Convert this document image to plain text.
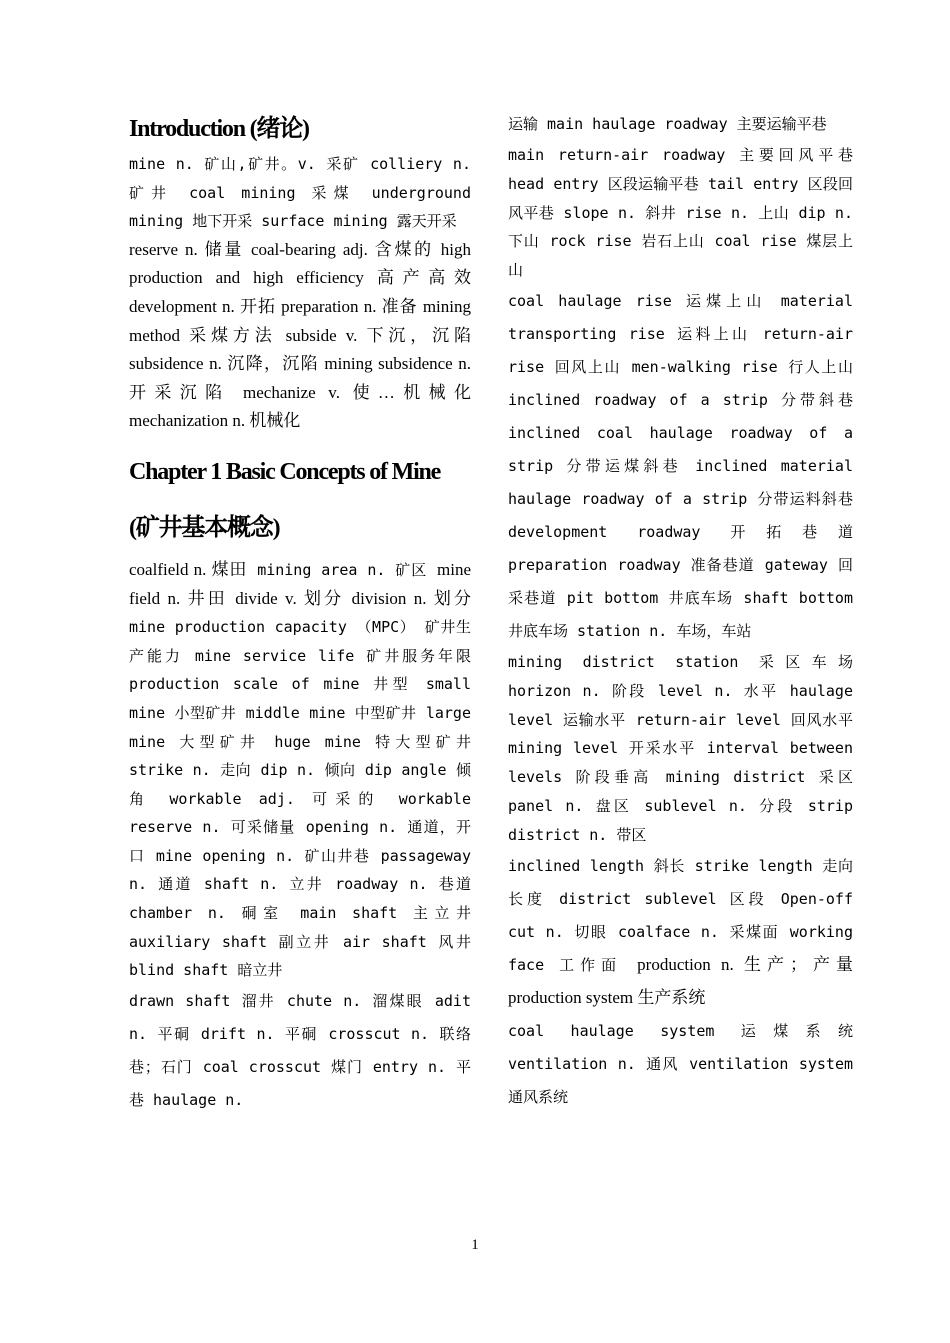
Introduction (绪论)

mine n. 矿山,矿井。v. 采矿 colliery n. 矿井 coal mining 采煤 underground mining 地下开采 surface mining 露天开采

reserve n. 储量 coal-bearing adj. 含煤的 high production and high efficiency 高产高效 development n. 开拓 preparation n. 准备 mining method 采煤方法 subside v. 下沉，沉陷 subsidence n. 沉降，沉陷 mining subsidence n. 开采沉陷 mechanize v. 使…机械化 mechanization n. 机械化

Chapter 1 Basic Concepts of Mine
(矿井基本概念)

coalfield n. 煤田 mining area n. 矿区 mine field n. 井田 divide v. 划分 division n. 划分 mine production capacity （MPC） 矿井生产能力 mine service life 矿井服务年限 production scale of mine 井型 small mine 小型矿井 middle mine 中型矿井 large mine 大型矿井 huge mine 特大型矿井 strike n. 走向 dip n. 倾向 dip angle 倾角 workable adj. 可采的 workable reserve n. 可采储量 opening n. 通道，开口 mine opening n. 矿山井巷 passageway n. 通道 shaft n. 立井 roadway n. 巷道 chamber n. 硐室 main shaft 主立井 auxiliary shaft 副立井 air shaft 风井 blind shaft 暗立井

drawn shaft 溜井 chute n. 溜煤眼 adit n. 平硐 drift n. 平硐 crosscut n. 联络巷；石门 coal crosscut 煤门 entry n. 平巷 haulage n.

运输 main haulage roadway 主要运输平巷

main return-air roadway 主要回风平巷 head entry 区段运输平巷 tail entry 区段回风平巷 slope n. 斜井 rise n. 上山 dip n. 下山 rock rise 岩石上山 coal rise 煤层上山

coal haulage rise 运煤上山 material transporting rise 运料上山 return-air rise 回风上山 men-walking rise 行人上山 inclined roadway of a strip 分带斜巷 inclined coal haulage roadway of a strip 分带运煤斜巷 inclined material haulage roadway of a strip 分带运料斜巷 development roadway 开拓巷道 preparation roadway 准备巷道 gateway 回采巷道 pit bottom 井底车场 shaft bottom 井底车场 station n. 车场，车站

mining district station 采区车场 horizon n. 阶段 level n. 水平 haulage level 运输水平 return-air level 回风水平 mining level 开采水平 interval between levels 阶段垂高 mining district 采区 panel n. 盘区 sublevel n. 分段 strip district n. 带区

inclined length 斜长 strike length 走向长度 district sublevel 区段 Open-off cut n. 切眼 coalface n. 采煤面 working face 工作面 production n. 生产；产量 production system 生产系统

coal haulage system 运煤系统 ventilation n. 通风 ventilation system 通风系统

1
